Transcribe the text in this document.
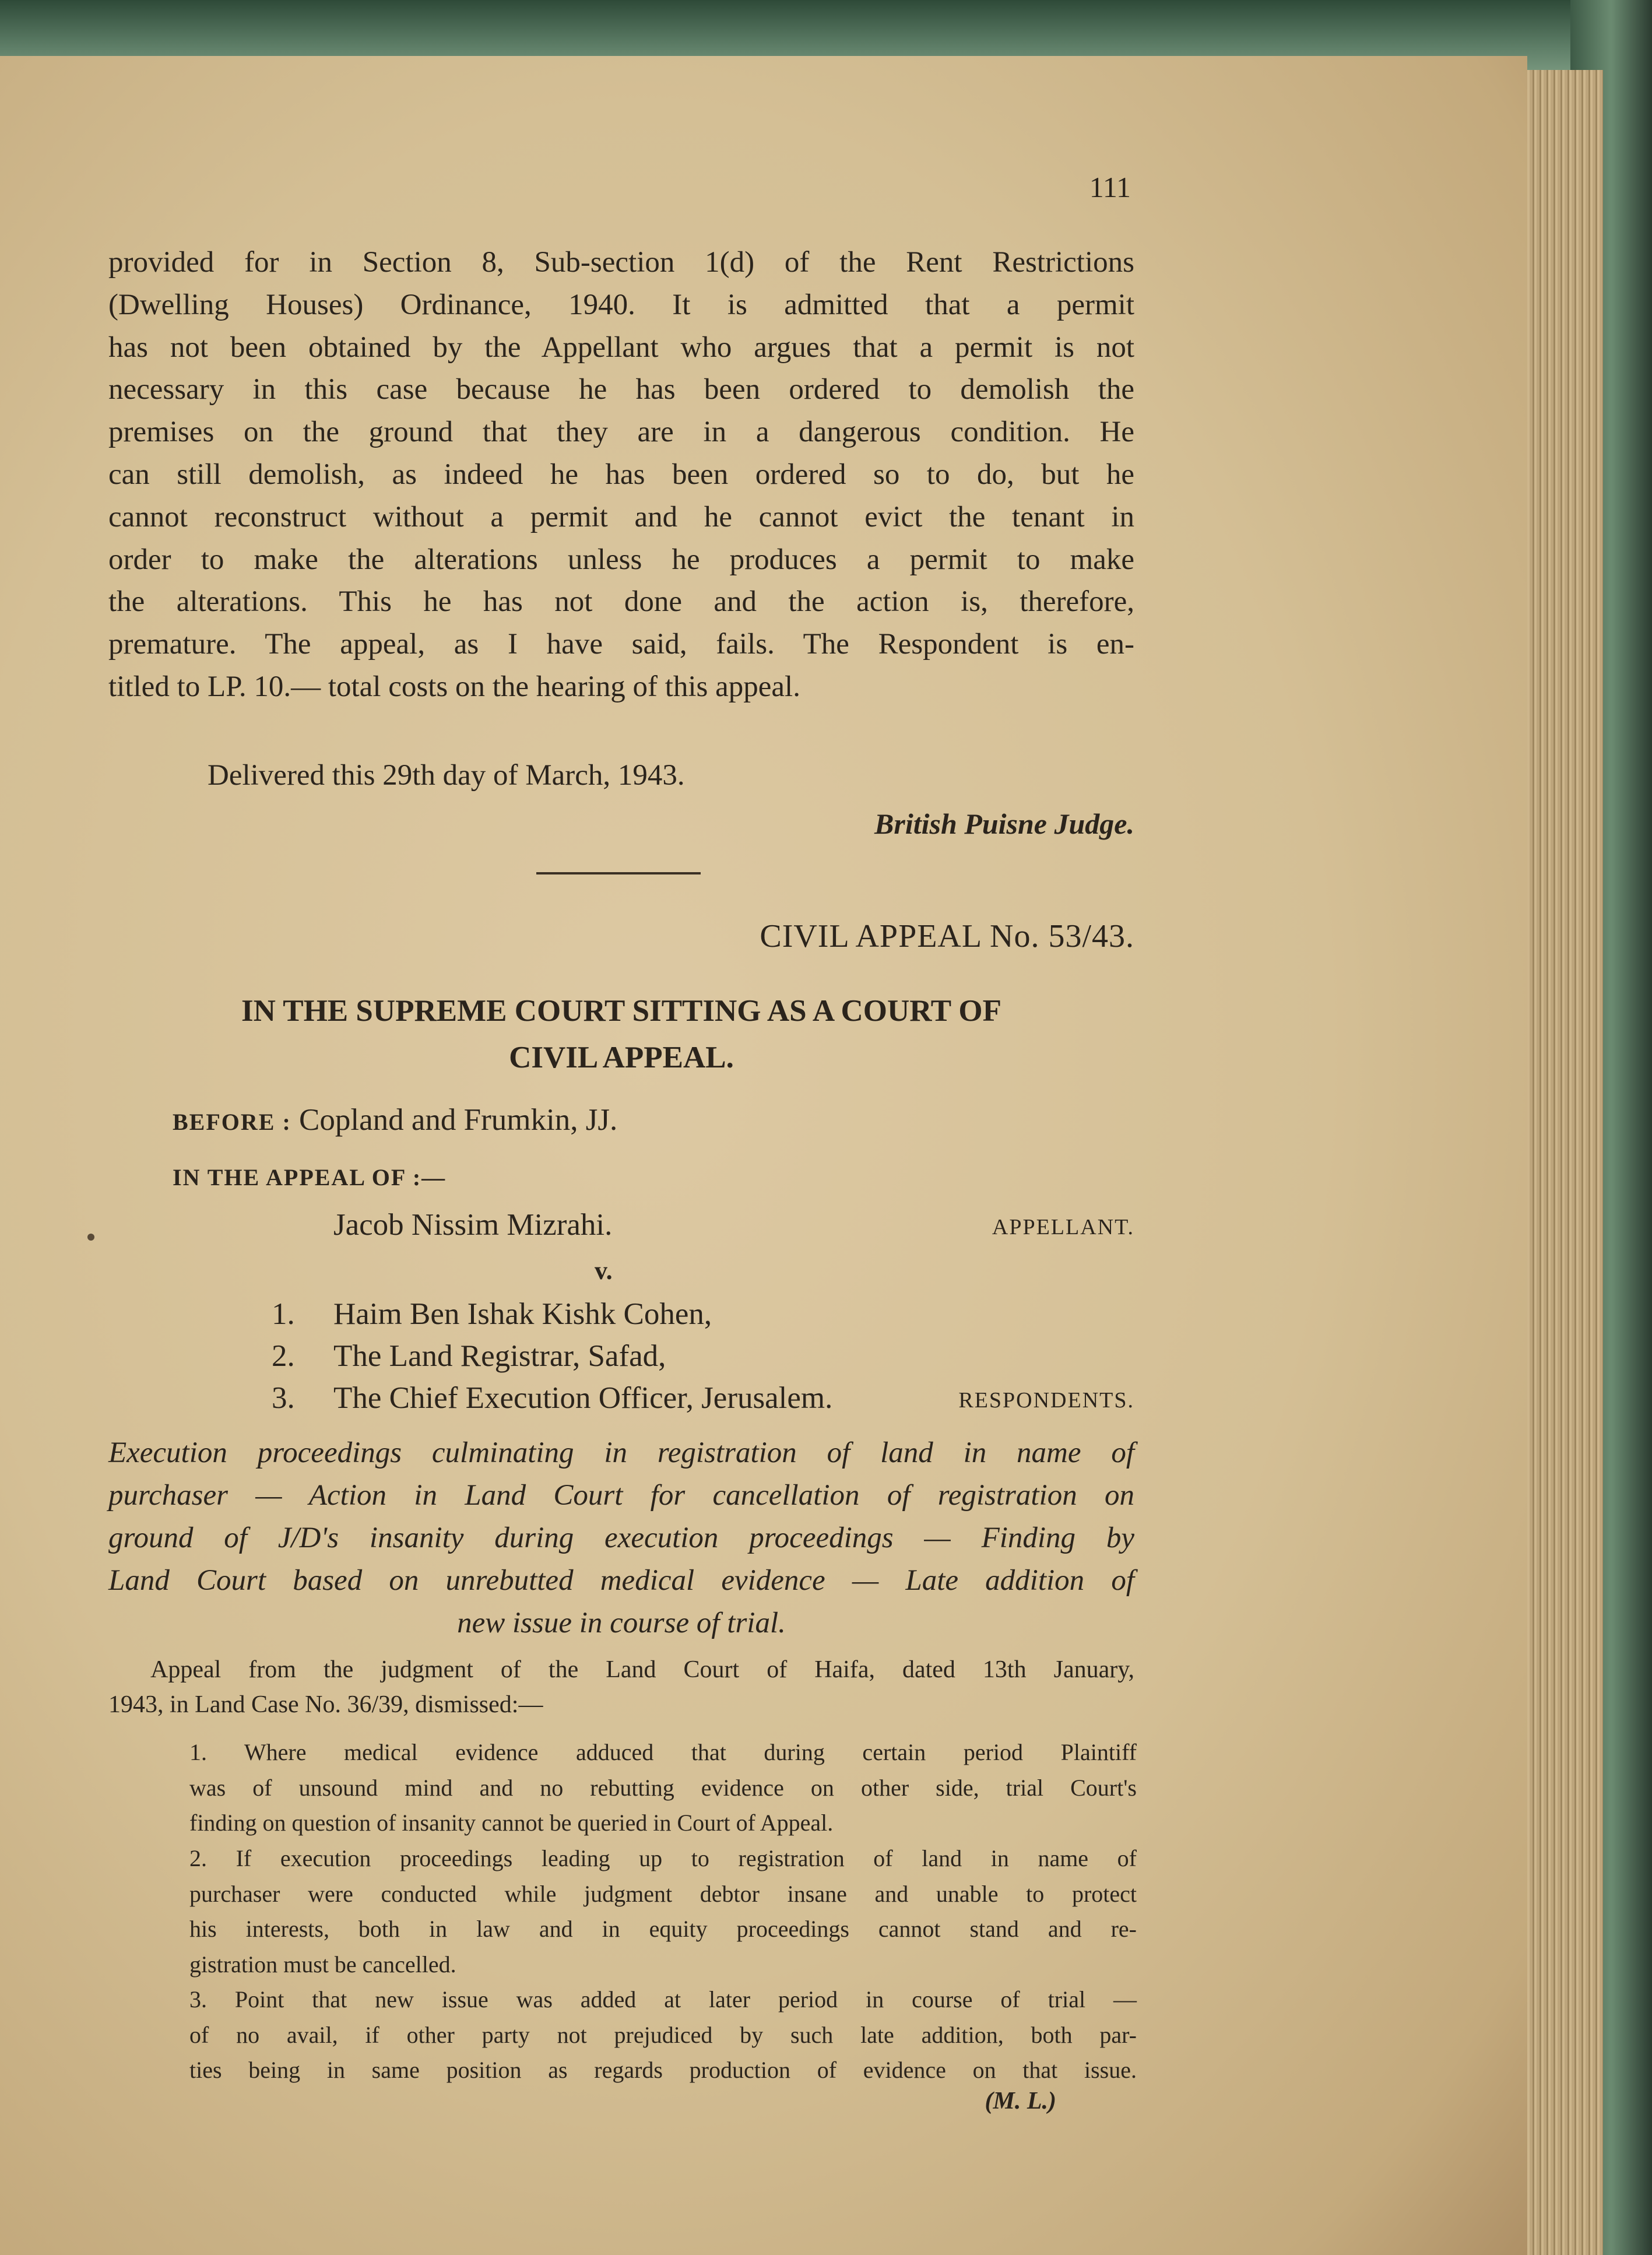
111
provided for in Section 8, Sub-section 1(d) of the Rent Restrictions
(Dwelling Houses) Ordinance, 1940. It is admitted that a permit
has not been obtained by the Appellant who argues that a permit is not
necessary in this case because he has been ordered to demolish the
premises on the ground that they are in a dangerous condition. He
can still demolish, as indeed he has been ordered so to do, but he
cannot reconstruct without a permit and he cannot evict the tenant in
order to make the alterations unless he produces a permit to make
the alterations. This he has not done and the action is, therefore,
premature. The appeal, as I have said, fails. The Respondent is en-
titled to LP. 10.— total costs on the hearing of this appeal.
Delivered this 29th day of March, 1943.
British Puisne Judge.
CIVIL APPEAL No. 53/43.
IN THE SUPREME COURT SITTING AS A COURT OF
CIVIL APPEAL.
BEFORE : Copland and Frumkin, JJ.
IN THE APPEAL OF :—
Jacob Nissim Mizrahi.	APPELLANT.
v.
1. Haim Ben Ishak Kishk Cohen,
2. The Land Registrar, Safad,
3. The Chief Execution Officer, Jerusalem.	RESPONDENTS.
Execution proceedings culminating in registration of land in name of
purchaser — Action in Land Court for cancellation of registration on
ground of J/D's insanity during execution proceedings — Finding by
Land Court based on unrebutted medical evidence — Late addition of
new issue in course of trial.
Appeal from the judgment of the Land Court of Haifa, dated 13th January,
1943, in Land Case No. 36/39, dismissed:—
1. Where medical evidence adduced that during certain period Plaintiff
was of unsound mind and no rebutting evidence on other side, trial Court's
finding on question of insanity cannot be queried in Court of Appeal.
2. If execution proceedings leading up to registration of land in name of
purchaser were conducted while judgment debtor insane and unable to protect
his interests, both in law and in equity proceedings cannot stand and re-
gistration must be cancelled.
3. Point that new issue was added at later period in course of trial —
of no avail, if other party not prejudiced by such late addition, both par-
ties being in same position as regards production of evidence on that issue.
(M. L.)
